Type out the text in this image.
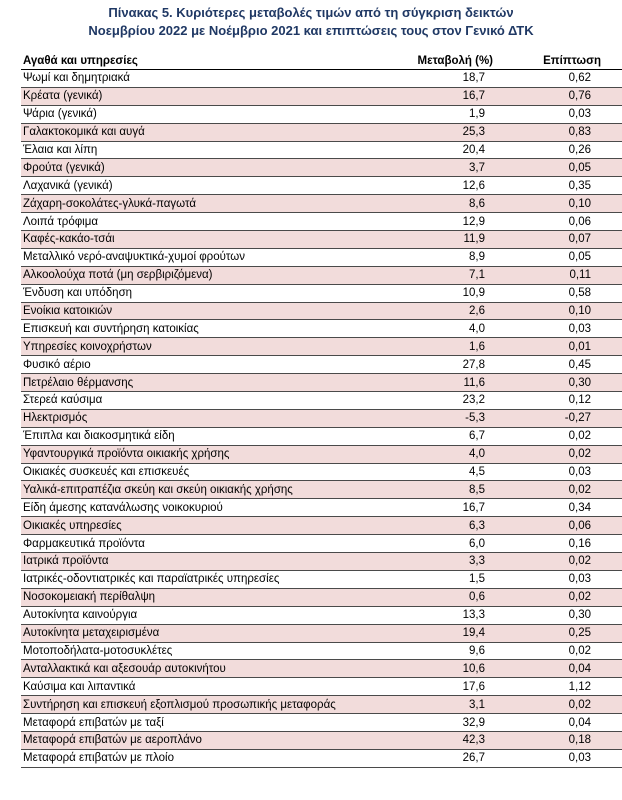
Πίνακας 5. Κυριότερες μεταβολές τιμών από τη σύγκριση δεικτών
Νοεμβρίου 2022 με Νοέμβριο 2021 και επιπτώσεις τους στον Γενικό ΔΤΚ
Αγαθά και υπηρεσίες	Μεταβολή (%)	Επίπτωση
Ψωμί και δημητριακά	18,7	0,62
Κρέατα (γενικά)	16,7	0,76
Ψάρια (γενικά)	1,9	0,03
Γαλακτοκομικά και αυγά	25,3	0,83
Έλαια και λίπη	20,4	0,26
Φρούτα (γενικά)	3,7	0,05
Λαχανικά (γενικά)	12,6	0,35
Ζάχαρη-σοκολάτες-γλυκά-παγωτά	8,6	0,10
Λοιπά τρόφιμα	12,9	0,06
Καφές-κακάο-τσάι	11,9	0,07
Μεταλλικό νερό-αναψυκτικά-χυμοί φρούτων	8,9	0,05
Αλκοολούχα ποτά (μη σερβιριζόμενα)	7,1	0,11
Ένδυση και υπόδηση	10,9	0,58
Ενοίκια κατοικιών	2,6	0,10
Επισκευή και συντήρηση κατοικίας	4,0	0,03
Υπηρεσίες κοινοχρήστων	1,6	0,01
Φυσικό αέριο	27,8	0,45
Πετρέλαιο θέρμανσης	11,6	0,30
Στερεά καύσιμα	23,2	0,12
Ηλεκτρισμός	-5,3	-0,27
Έπιπλα και διακοσμητικά είδη	6,7	0,02
Υφαντουργικά προϊόντα οικιακής χρήσης	4,0	0,02
Οικιακές συσκευές και επισκευές	4,5	0,03
Υαλικά-επιτραπέζια σκεύη και σκεύη οικιακής χρήσης	8,5	0,02
Είδη άμεσης κατανάλωσης νοικοκυριού	16,7	0,34
Οικιακές υπηρεσίες	6,3	0,06
Φαρμακευτικά προϊόντα	6,0	0,16
Ιατρικά προϊόντα	3,3	0,02
Ιατρικές-οδοντιατρικές και παραϊατρικές υπηρεσίες	1,5	0,03
Νοσοκομειακή περίθαλψη	0,6	0,02
Αυτοκίνητα καινούργια	13,3	0,30
Αυτοκίνητα μεταχειρισμένα	19,4	0,25
Μοτοποδήλατα-μοτοσυκλέτες	9,6	0,02
Ανταλλακτικά και αξεσουάρ αυτοκινήτου	10,6	0,04
Καύσιμα και λιπαντικά	17,6	1,12
Συντήρηση και επισκευή εξοπλισμού προσωπικής μεταφοράς	3,1	0,02
Μεταφορά επιβατών με ταξί	32,9	0,04
Μεταφορά επιβατών με αεροπλάνο	42,3	0,18
Μεταφορά επιβατών με πλοίο	26,7	0,03
